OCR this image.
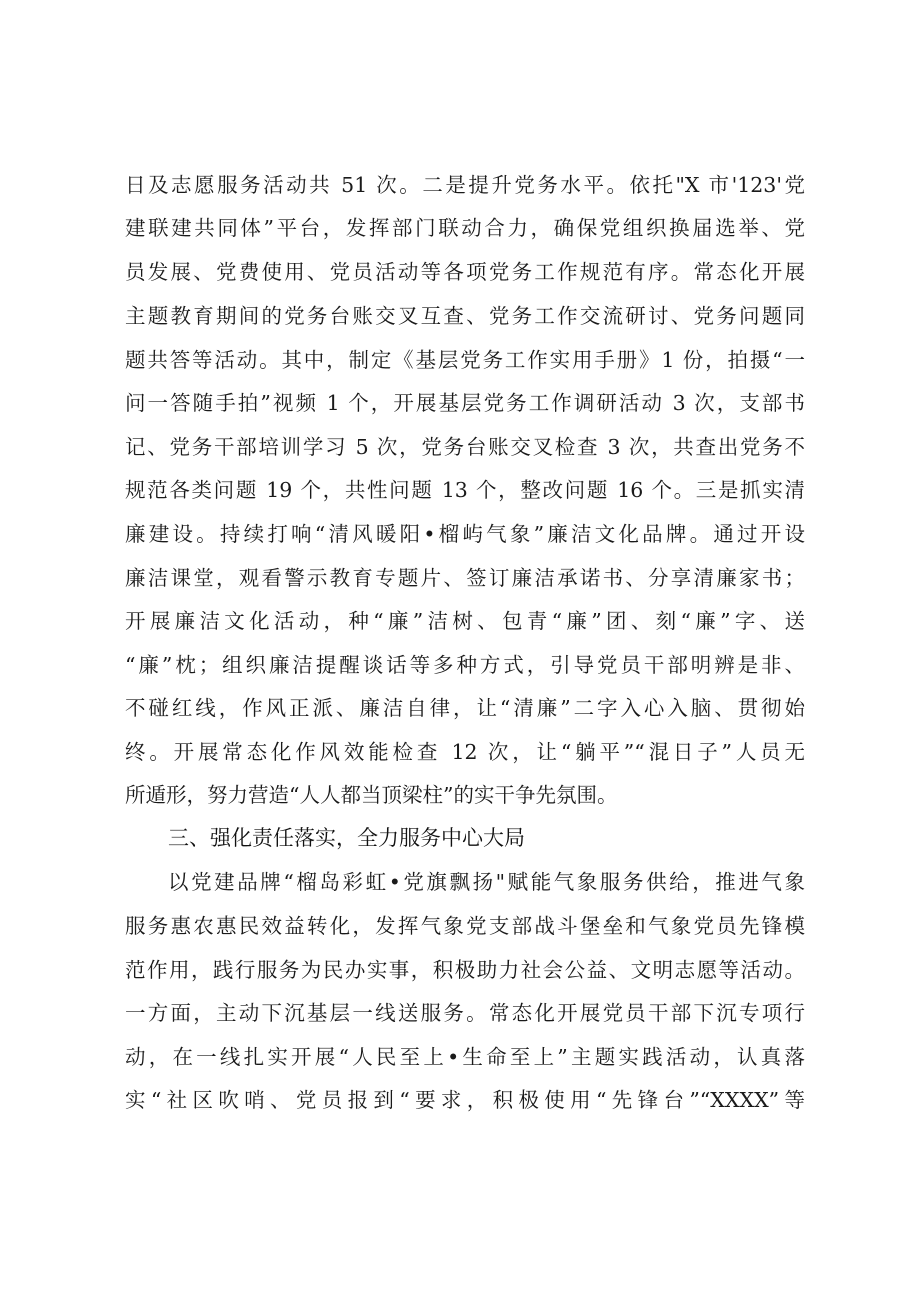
日及志愿服务活动共 51 次。二是提升党务水平。依托"X 市'123'党
建联建共同体”平台，发挥部门联动合力，确保党组织换届选举、党
员发展、党费使用、党员活动等各项党务工作规范有序。常态化开展
主题教育期间的党务台账交叉互查、党务工作交流研讨、党务问题同
题共答等活动。其中，制定《基层党务工作实用手册》1 份，拍摄“一
问一答随手拍”视频 1 个，开展基层党务工作调研活动 3 次，支部书
记、党务干部培训学习 5 次，党务台账交叉检查 3 次，共查出党务不
规范各类问题 19 个，共性问题 13 个，整改问题 16 个。三是抓实清
廉建设。持续打响“清风暖阳•榴屿气象”廉洁文化品牌。通过开设
廉洁课堂，观看警示教育专题片、签订廉洁承诺书、分享清廉家书；
开展廉洁文化活动，种“廉”洁树、包青“廉”团、刻“廉”字、送
“廉”枕；组织廉洁提醒谈话等多种方式，引导党员干部明辨是非、
不碰红线，作风正派、廉洁自律，让“清廉”二字入心入脑、贯彻始
终。开展常态化作风效能检查 12 次，让“躺平”“混日子”人员无
所遁形，努力营造“人人都当顶梁柱”的实干争先氛围。
三、强化责任落实，全力服务中心大局
以党建品牌“榴岛彩虹•党旗飘扬"赋能气象服务供给，推进气象
服务惠农惠民效益转化，发挥气象党支部战斗堡垒和气象党员先锋模
范作用，践行服务为民办实事，积极助力社会公益、文明志愿等活动。
一方面，主动下沉基层一线送服务。常态化开展党员干部下沉专项行
动，在一线扎实开展“人民至上•生命至上”主题实践活动，认真落
实“社区吹哨、党员报到“要求，积极使用“先锋台”“XXXX”等
